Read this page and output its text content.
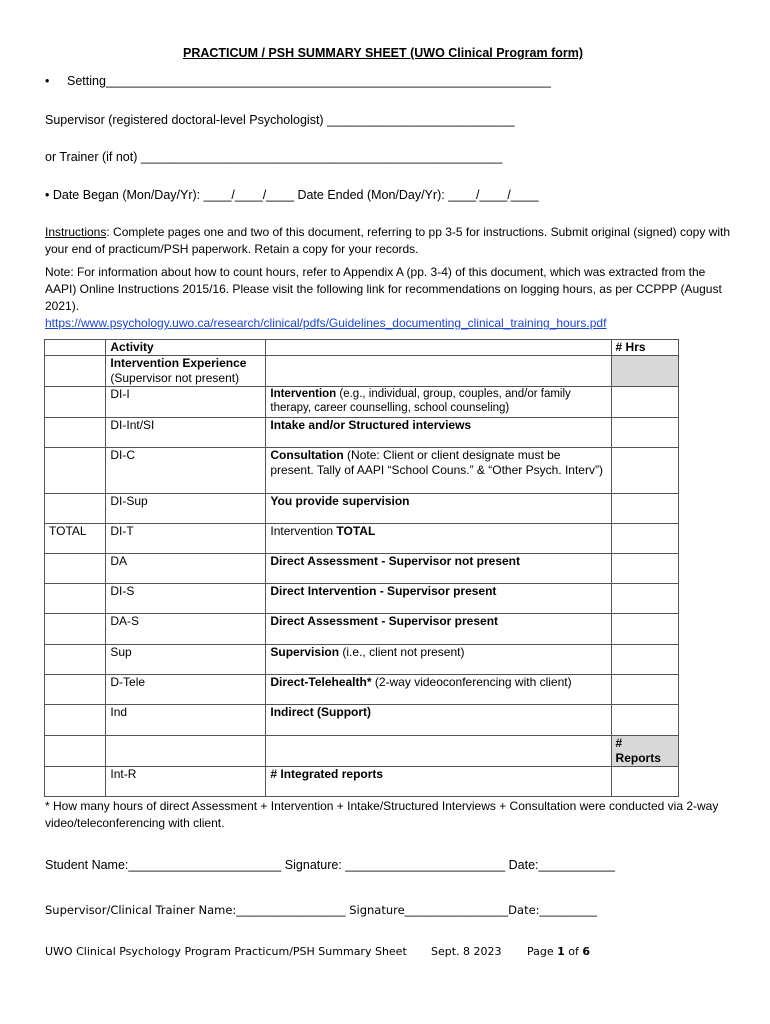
PRACTICUM / PSH SUMMARY SHEET (UWO Clinical Program form)
• Setting________________________________________________________________
Supervisor (registered doctoral-level Psychologist) ___________________________
or Trainer (if not) ____________________________________________________
• Date Began (Mon/Day/Yr): ____/____/____ Date Ended (Mon/Day/Yr): ____/____/____
Instructions: Complete pages one and two of this document, referring to pp 3-5 for instructions. Submit original (signed) copy with your end of practicum/PSH paperwork. Retain a copy for your records.
Note: For information about how to count hours, refer to Appendix A (pp. 3-4) of this document, which was extracted from the AAPI) Online Instructions 2015/16. Please visit the following link for recommendations on logging hours, as per CCPPP (August 2021).
https://www.psychology.uwo.ca/research/clinical/pdfs/Guidelines_documenting_clinical_training_hours.pdf
	Activity		# Hrs
	Intervention Experience
(Supervisor not present)		
	DI-I	Intervention (e.g., individual, group, couples, and/or family therapy, career counselling, school counseling)	
	DI-Int/SI	Intake and/or Structured interviews	
	DI-C	Consultation (Note: Client or client designate must be present. Tally of AAPI “School Couns.” & “Other Psych. Interv”)	
	DI-Sup	You provide supervision	
TOTAL	DI-T	Intervention TOTAL	
	DA	Direct Assessment - Supervisor not present	
	DI-S	Direct Intervention - Supervisor present	
	DA-S	Direct Assessment - Supervisor present	
	Sup	Supervision (i.e., client not present)	
	D-Tele	Direct-Telehealth* (2-way videoconferencing with client)	
	Ind	Indirect (Support)	
			#
Reports
	Int-R	# Integrated reports	
* How many hours of direct Assessment + Intervention + Intake/Structured Interviews + Consultation were conducted via 2-way video/teleconferencing with client.
Student Name:______________________ Signature: _______________________ Date:___________
Supervisor/Clinical Trainer Name:___________________ Signature__________________Date:__________
UWO Clinical Psychology Program Practicum/PSH Summary Sheet Sept. 8 2023 Page 1 of 6
